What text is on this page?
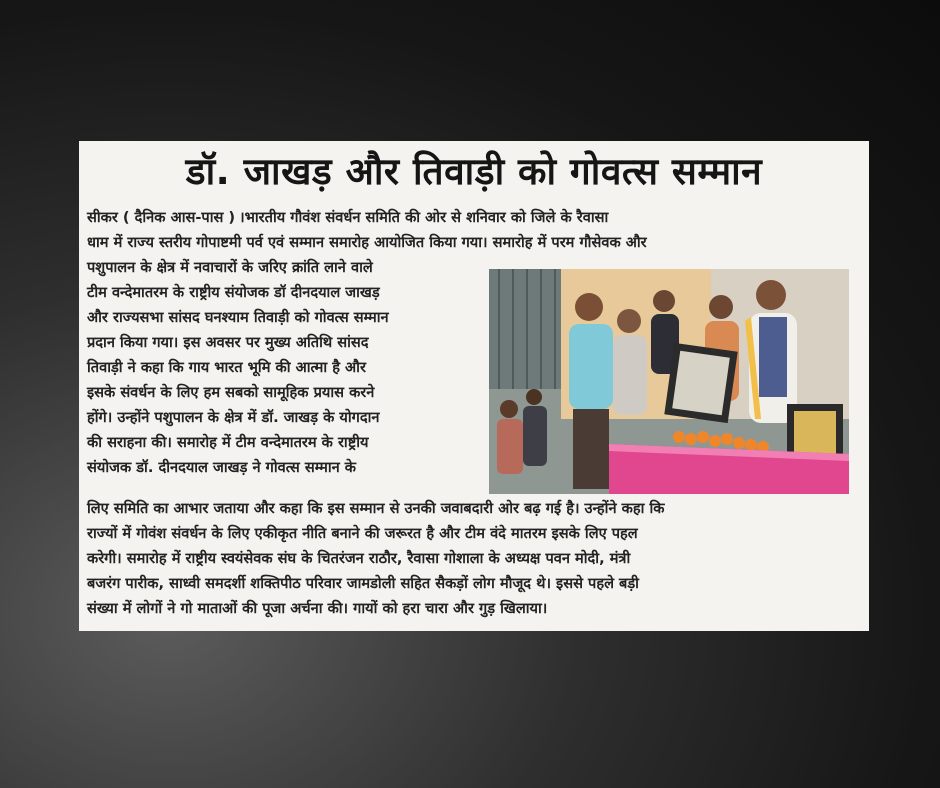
डॉ. जाखड़ और तिवाड़ी को गोवत्स सम्मान
सीकर ( दैनिक आस-पास ) ।भारतीय गौवंश संवर्धन समिति की ओर से शनिवार को जिले के रैवासा
धाम में राज्य स्तरीय गोपाष्टमी पर्व एवं सम्मान समारोह आयोजित किया गया। समारोह में परम गौसेवक और
पशुपालन के क्षेत्र में नवाचारों के जरिए क्रांति लाने वाले
टीम वन्देमातरम के राष्ट्रीय संयोजक डॉ दीनदयाल जाखड़
और राज्यसभा सांसद घनश्याम तिवाड़ी को गोवत्स सम्मान
प्रदान किया गया। इस अवसर पर मुख्य अतिथि सांसद
तिवाड़ी ने कहा कि गाय भारत भूमि की आत्मा है और
इसके संवर्धन के लिए हम सबको सामूहिक प्रयास करने
होंगे। उन्होंने पशुपालन के क्षेत्र में डॉ. जाखड़ के योगदान
की सराहना की। समारोह में टीम वन्देमातरम के राष्ट्रीय
संयोजक डॉ. दीनदयाल जाखड़ ने गोवत्स सम्मान के
लिए समिति का आभार जताया और कहा कि इस सम्मान से उनकी जवाबदारी ओर बढ़ गई है। उन्होंने कहा कि
राज्यों में गोवंश संवर्धन के लिए एकीकृत नीति बनाने की जरूरत है और टीम वंदे मातरम इसके लिए पहल
करेगी। समारोह में राष्ट्रीय स्वयंसेवक संघ के चितरंजन राठौर, रैवासा गोशाला के अध्यक्ष पवन मोदी, मंत्री
बजरंग पारीक, साध्वी समदर्शी शक्तिपीठ परिवार जामडोली सहित सैकड़ों लोग मौजूद थे। इससे पहले बड़ी
संख्या में लोगों ने गो माताओं की पूजा अर्चना की। गायों को हरा चारा और गुड़ खिलाया।
